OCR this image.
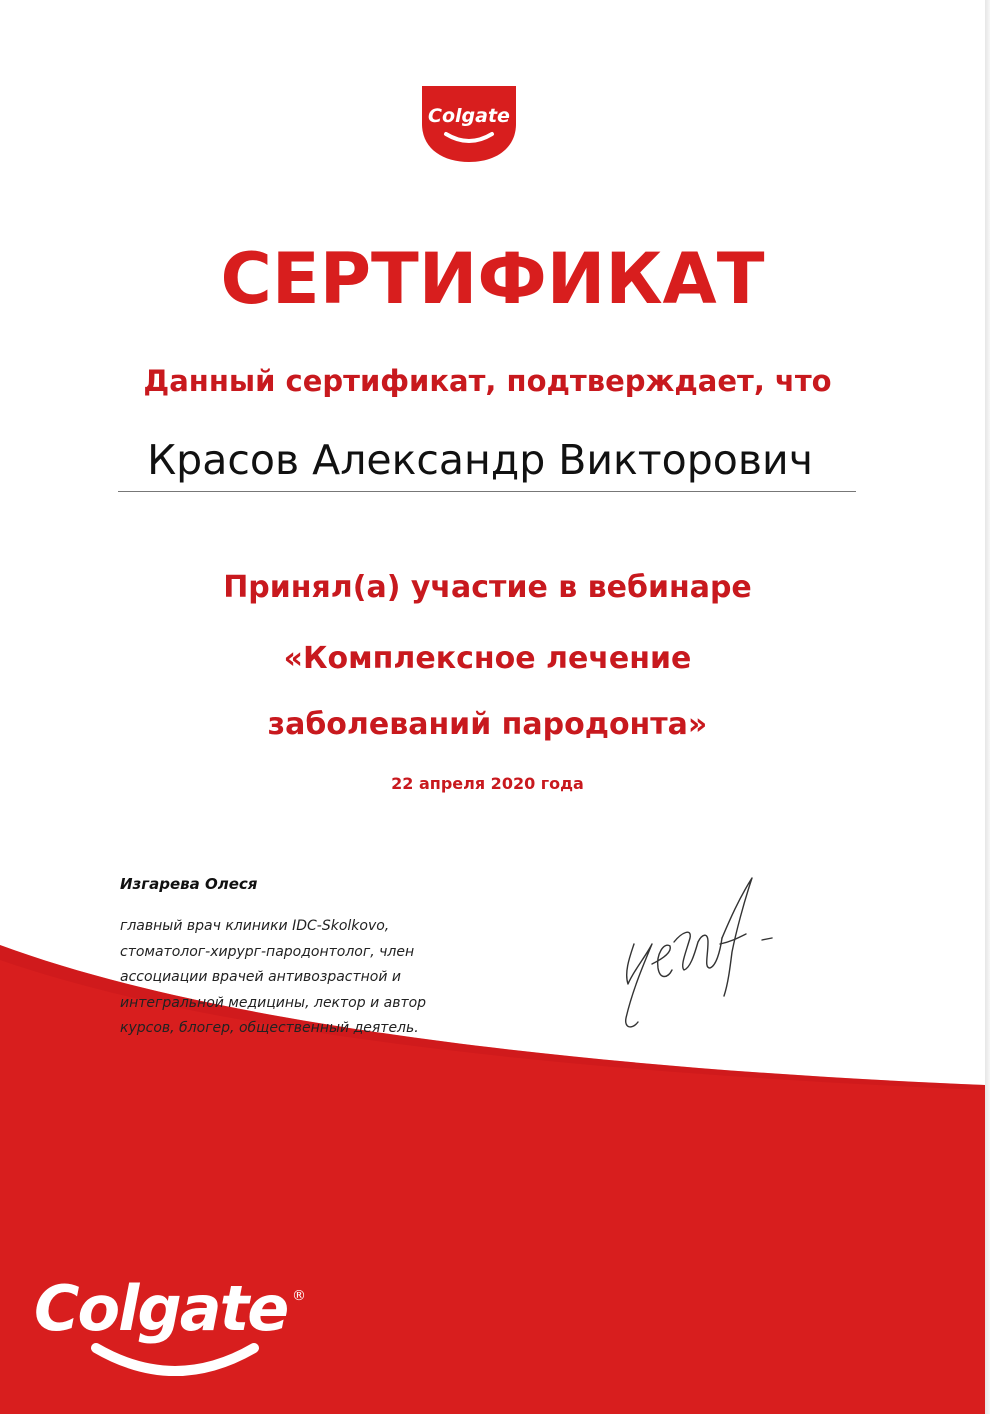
Colgate
СЕРТИФИКАТ
Данный сертификат, подтверждает, что
Красов Александр Викторович
Принял(а) участие в вебинаре
«Комплексное лечение
заболеваний пародонта»
22 апреля 2020 года
Изгарева Олеся
главный врач клиники IDC-Skolkovo,
стоматолог-хирург-пародонтолог, член
ассоциации врачей антивозрастной и
интегральной медицины, лектор и автор
курсов, блогер, общественный деятель.
Colgate ®
